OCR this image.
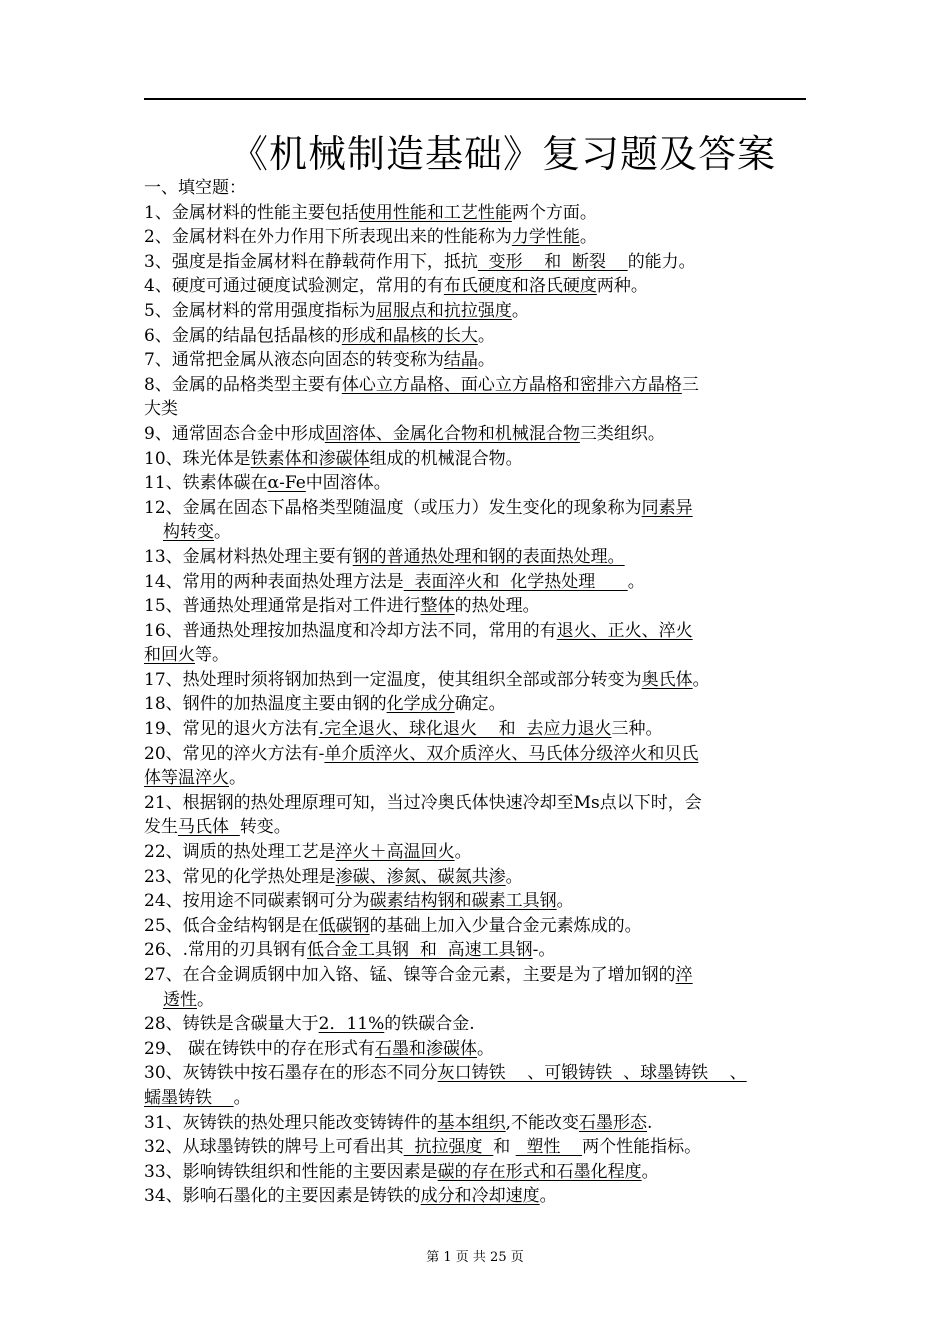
《机械制造基础》复习题及答案

一、填空题：

1、金属材料的性能主要包括使用性能和工艺性能两个方面。

2、金属材料在外力作用下所表现出来的性能称为力学性能。

3、强度是指金属材料在静载荷作用下，抵抗  变形    和  断裂    的能力。

4、硬度可通过硬度试验测定，常用的有布氏硬度和洛氏硬度两种。

5、金属材料的常用强度指标为屈服点和抗拉强度。

6、金属的结晶包括晶核的形成和晶核的长大。

7、通常把金属从液态向固态的转变称为结晶。

8、金属的品格类型主要有体心立方晶格、面心立方晶格和密排六方晶格三

大类

9、通常固态合金中形成固溶体、金属化合物和机械混合物三类组织。

10、珠光体是铁素体和渗碳体组成的机械混合物。

11、铁素体碳在α-Fe中固溶体。

12、金属在固态下晶格类型随温度（或压力）发生变化的现象称为同素异

构转变。

13、金属材料热处理主要有钢的普通热处理和钢的表面热处理。

14、常用的两种表面热处理方法是  表面淬火和  化学热处理      。

15、普通热处理通常是指对工件进行整体的热处理。

16、普通热处理按加热温度和冷却方法不同，常用的有退火、正火、淬火

和回火等。

17、热处理时须将钢加热到一定温度，使其组织全部或部分转变为奥氏体。

18、钢件的加热温度主要由钢的化学成分确定。

19、常见的退火方法有.完全退火、球化退火    和  去应力退火三种。

20、常见的淬火方法有-单介质淬火、双介质淬火、马氏体分级淬火和贝氏

体等温淬火。

21、根据钢的热处理原理可知，当过冷奥氏体快速冷却至Ms点以下时，会

发生马氏体  转变。

22、调质的热处理工艺是淬火＋高温回火。

23、常见的化学热处理是渗碳、渗氮、碳氮共渗。

24、按用途不同碳素钢可分为碳素结构钢和碳素工具钢。

25、低合金结构钢是在低碳钢的基础上加入少量合金元素炼成的。

26、.常用的刃具钢有低合金工具钢  和  高速工具钢-。

27、在合金调质钢中加入铬、锰、镍等合金元素，主要是为了增加钢的淬

透性。

28、铸铁是含碳量大于2．11%的铁碳合金.

29、 碳在铸铁中的存在形式有石墨和渗碳体。

30、灰铸铁中按石墨存在的形态不同分灰口铸铁    、可锻铸铁  、球墨铸铁    、

蠕墨铸铁    。

31、灰铸铁的热处理只能改变铸铸件的基本组织,不能改变石墨形态.

32、从球墨铸铁的牌号上可看出其  抗拉强度  和   塑性    两个性能指标。

33、影响铸铁组织和性能的主要因素是碳的存在形式和石墨化程度。

34、影响石墨化的主要因素是铸铁的成分和冷却速度。

第 1 页 共 25 页
